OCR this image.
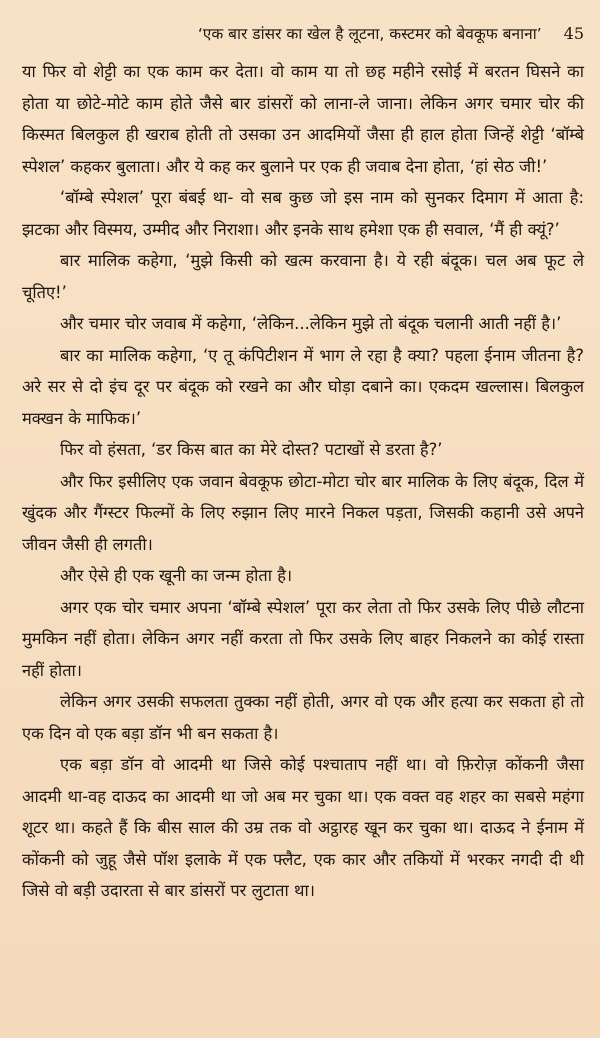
‘एक बार डांसर का खेल है लूटना, कस्टमर को बेवकूफ बनाना’ 45

या फिर वो शेट्टी का एक काम कर देता। वो काम या तो छह महीने रसोई में बरतन घिसने का होता या छोटे-मोटे काम होते जैसे बार डांसरों को लाना-ले जाना। लेकिन अगर चमार चोर की किस्मत बिलकुल ही खराब होती तो उसका उन आदमियों जैसा ही हाल होता जिन्हें शेट्टी ‘बॉम्बे स्पेशल’ कहकर बुलाता। और ये कह कर बुलाने पर एक ही जवाब देना होता, ‘हां सेठ जी!’

‘बॉम्बे स्पेशल’ पूरा बंबई था- वो सब कुछ जो इस नाम को सुनकर दिमाग में आता है: झटका और विस्मय, उम्मीद और निराशा। और इनके साथ हमेशा एक ही सवाल, ‘मैं ही क्यूं?’

बार मालिक कहेगा, ‘मुझे किसी को खत्म करवाना है। ये रही बंदूक। चल अब फूट ले चूतिए!’

और चमार चोर जवाब में कहेगा, ‘लेकिन...लेकिन मुझे तो बंदूक चलानी आती नहीं है।’

बार का मालिक कहेगा, ‘ए तू कंपिटीशन में भाग ले रहा है क्या? पहला ईनाम जीतना है? अरे सर से दो इंच दूर पर बंदूक को रखने का और घोड़ा दबाने का। एकदम खल्लास। बिलकुल मक्खन के माफिक।’

फिर वो हंसता, ‘डर किस बात का मेरे दोस्त? पटाखों से डरता है?’

और फिर इसीलिए एक जवान बेवकूफ छोटा-मोटा चोर बार मालिक के लिए बंदूक, दिल में खुंदक और गैंग्स्टर फिल्मों के लिए रुझान लिए मारने निकल पड़ता, जिसकी कहानी उसे अपने जीवन जैसी ही लगती।

और ऐसे ही एक खूनी का जन्म होता है।

अगर एक चोर चमार अपना ‘बॉम्बे स्पेशल’ पूरा कर लेता तो फिर उसके लिए पीछे लौटना मुमकिन नहीं होता। लेकिन अगर नहीं करता तो फिर उसके लिए बाहर निकलने का कोई रास्ता नहीं होता।

लेकिन अगर उसकी सफलता तुक्का नहीं होती, अगर वो एक और हत्या कर सकता हो तो एक दिन वो एक बड़ा डॉन भी बन सकता है।

एक बड़ा डॉन वो आदमी था जिसे कोई पश्चाताप नहीं था। वो फ़िरोज़ कोंकनी जैसा आदमी था-वह दाऊद का आदमी था जो अब मर चुका था। एक वक्त वह शहर का सबसे महंगा शूटर था। कहते हैं कि बीस साल की उम्र तक वो अट्ठारह खून कर चुका था। दाऊद ने ईनाम में कोंकनी को जुहू जैसे पॉश इलाके में एक फ्लैट, एक कार और तकियों में भरकर नगदी दी थी जिसे वो बड़ी उदारता से बार डांसरों पर लुटाता था।
